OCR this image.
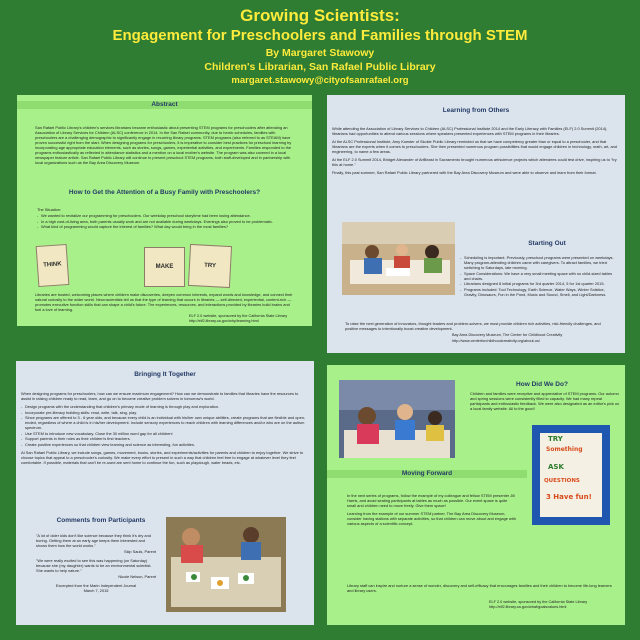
Growing Scientists:
Engagement for Preschoolers and Families through STEM
By Margaret Stawowy
Children's Librarian, San Rafael Public Library
margaret.stawowy@cityofsanrafael.org
Abstract
San Rafael Public Library's children's services librarians became enthusiastic about presenting STEM programs for preschoolers after attending an Association of Library Services for Children (ALSC) conference in 2014. In the San Rafael community, due to hectic schedules, families with preschoolers are a challenging demographic to significantly engage in recurring library programs. STEM programs (also referred to as STEAM) have proven successful right from the start. When designing programs for preschoolers, it is imperative to consider best practices for preschool learning by incorporating age appropriate education elements, such as stories, songs, games, experiential activities, and experiments. Families responded to the programs enthusiastically as reflected in attendance statistics and a mention on a local mother's website. The program was also covered in a local newspaper feature article. San Rafael Public Library will continue to present preschool STEM programs, both staff-developed and in partnership with local organizations such as the Bay Area Discovery Museum.
How to Get the Attention of a Busy Family with Preschoolers?
The Situation:
- We wanted to revitalize our programming for preschoolers. Our weekday preschool storytime had been losing attendance.
- In a high cost-of-living area, both parents usually work and are not available during weekdays. Evenings also proved to be problematic.
- What kind of programming would capture the interest of families? What day would bring in the most families?
THINK	MAKE	TRY
Libraries are trusted, welcoming places where children make discoveries, deepen common interests, expand words and knowledge, and connect their natural curiosity to the wider world. Neuroscientists tell us that the type of learning that occurs in libraries — self-directed, experiential, content-rich — promotes executive function skills that can shape a child's future. The experiences, resources, and interactions provided by libraries build brains and fuel a love of learning.
ELF 2.0 website, sponsored by the California State Library
http://elf2.library.ca.gov/why/learning.html
Learning from Others

While attending the Association of Library Services to Children (ALSC) Professional Institute 2014 and the Early Literacy with Families (ELF) 2.0 Summit (2014), librarians had opportunities to attend various sessions where speakers presented experiences with STEM programs in their libraries.

At the ALSC Professional Institute, Amy Koester of Skokie Public Library reminded us that we have competency greater than or equal to a preschooler, and that librarians are the experts when it comes to preschoolers. She then presented numerous program possibilities that would engage children in technology, math, art, and engineering, to name a few areas.

At the ELF 2.0 Summit 2014, Bridget Alexander of ArtBeast in Sacramento brought numerous art/science projects which attendees could test drive, inspiring us to "try this at home."

Finally, this past summer, San Rafael Public Library partnered with the Bay Area Discovery Museum and were able to observe and learn from their format.

Starting Out
- Scheduling is important. Previously, preschool programs were presented on weekdays. Many program-attending children came with caregivers. To attract families, we tried switching to Saturdays, late morning.
- Space Considerations: We have a very small meeting space with no child-sized tables and chairs.
- Librarians designed 8 initial programs for 3rd quarter 2014, 5 for 1st quarter 2015.
- Programs included: Tool Technology, Earth Science, Water Ways, Winter Solstice, Gravity, Dinosaurs, Fun in the Pond, Music and Sound, Smell, and Light/Darkness.
To raise the next generation of innovators, thought leaders and problem-solvers, we must provide children rich activities, risk-friendly challenges, and positive messages to intentionally boost creative development.
Bay Area Discovery Museum, The Center for Childhood Creativity
http://www.centerforchildhoodcreativity.org/about-us/
Bringing It Together

When designing programs for preschoolers, how can we ensure maximum engagement? How can we demonstrate to families that libraries have the resources to assist in raising children ready to read, learn, and go on to become creative problem solvers in tomorrow's world.

- Design programs with the understanding that children's primary mode of learning is through play and exploration.
- Incorporate pre-literacy building skills: read, write, talk, sing, play.
- Since programs are offered to 3 - 6 year olds, and because every child is an individual with his/her own unique abilities, create programs that are flexible and open-ended, regardless of where a child is in his/her development. Include sensory experiences to reach children with learning differences and/or who are on the autism spectrum.
- Use STEM to introduce new vocabulary. Close the 30 million word gap for all children!
- Support parents in their roles as their children's first teachers.
- Create positive experiences so that children view learning and science as interesting, fun activities.

At San Rafael Public Library, we include songs, games, movement, books, stories, and experiments/activities for parents and children to enjoy together. We strive to choose topics that appeal to a preschooler's curiosity. We make every effort to present in such a way that children feel free to engage at whatever level they feel comfortable. If possible, materials that can't be re-used are sent home to continue the fun, such as playdough, water beads, etc.

Comments from Participants
"A lot of older kids don't like science because they think it's dry and boring. Getting them at an early age keeps them interested and shows them how the world works."
Skip Sauls, Parent
"We were really excited to see this was happening (on Saturday) because she (my daughter) wants to be an environmental scientist. She wants to help nature."
Nicole Nelson, Parent
Excerpted from the Marin Independent Journal
March 7, 2015
How Did We Do?
Children and families were receptive and appreciative of STEM programs. Our autumn and spring sessions were consistently filled to capacity. We had many repeat participants and enthusiastic feedback. We were also designated as an editor's pick on a local family website. All to the good!
Moving Forward

In the next series of programs, follow the example of my colleague and fellow STEM presenter Jill Harris, and avoid seating participants at tables as much as possible. Our event space is quite small and children need to move freely. Give them space!

Learning from the example of our summer STEM partner, The Bay Area Discovery Museum, consider having stations with separate activities, so that children can move about and engage with various aspects of a scientific concept.

TRY
Something
ASK
QUESTIONS
3 Have fun!
Library staff can inspire and nurture a sense of wonder, discovery and self-efficacy that encourages families and their children to become life-long learners and library users.
ELF 2.0 website, sponsored by the California State Library
http://elf2.library.ca.gov/what/goalsvalues.html
